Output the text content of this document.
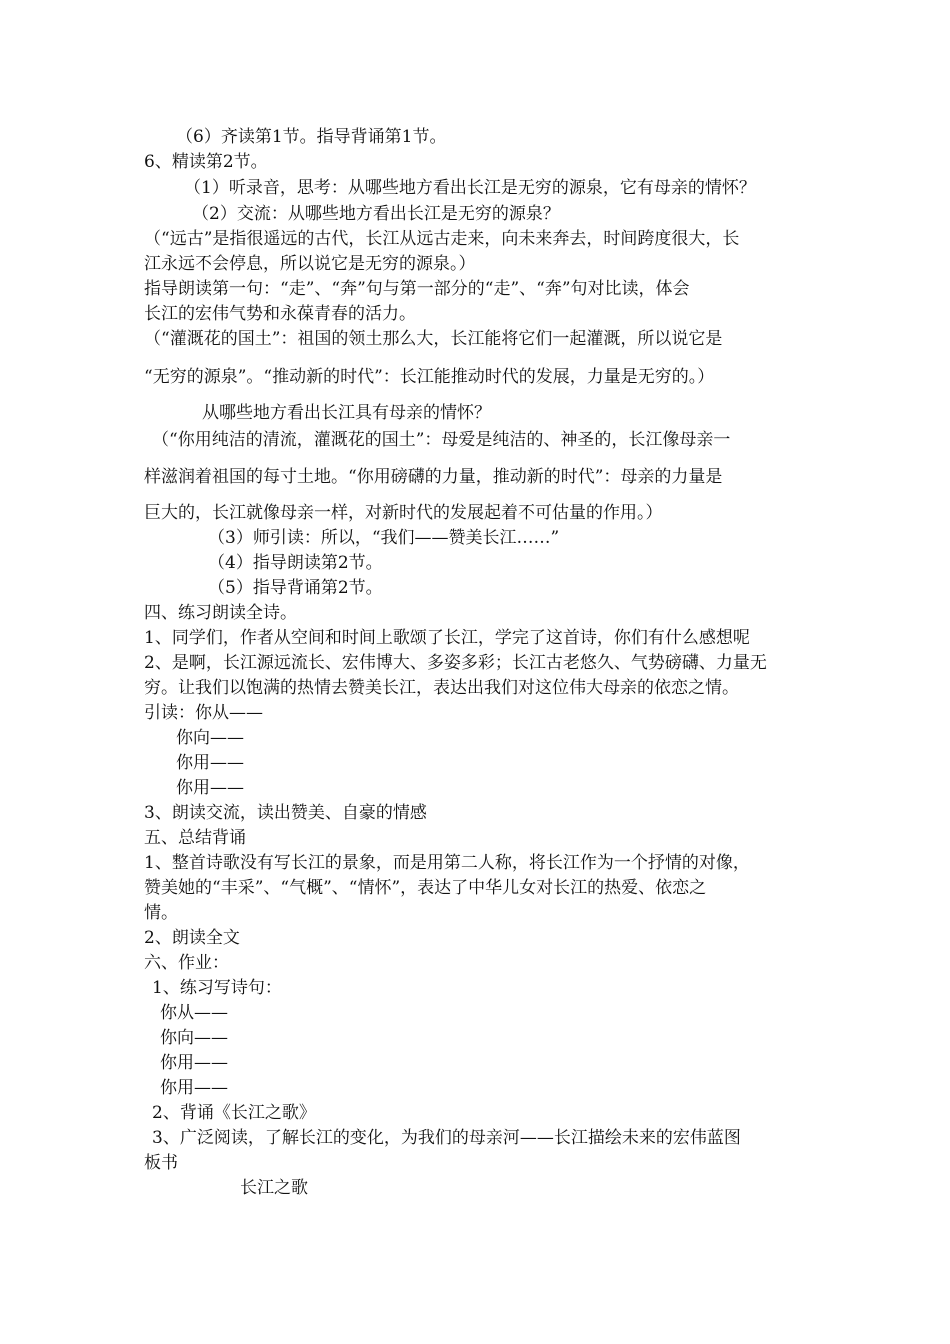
（6）齐读第1节。指导背诵第1节。
6、精读第2节。
（1）听录音，思考：从哪些地方看出长江是无穷的源泉，它有母亲的情怀？
（2）交流：从哪些地方看出长江是无穷的源泉？
（“远古”是指很遥远的古代，长江从远古走来，向未来奔去，时间跨度很大，长
江永远不会停息，所以说它是无穷的源泉。）
指导朗读第一句：“走”、“奔”句与第一部分的“走”、“奔”句对比读，体会
长江的宏伟气势和永葆青春的活力。
（“灌溉花的国土”：祖国的领土那么大，长江能将它们一起灌溉，所以说它是
“无穷的源泉”。“推动新的时代”：长江能推动时代的发展，力量是无穷的。）
从哪些地方看出长江具有母亲的情怀？
（“你用纯洁的清流，灌溉花的国土”：母爱是纯洁的、神圣的，长江像母亲一
样滋润着祖国的每寸土地。“你用磅礴的力量，推动新的时代”：母亲的力量是
巨大的，长江就像母亲一样，对新时代的发展起着不可估量的作用。）
（3）师引读：所以，“我们——赞美长江……”
（4）指导朗读第2节。
（5）指导背诵第2节。
四、练习朗读全诗。
1、同学们，作者从空间和时间上歌颂了长江，学完了这首诗，你们有什么感想呢
2、是啊，长江源远流长、宏伟博大、多姿多彩；长江古老悠久、气势磅礴、力量无
穷。让我们以饱满的热情去赞美长江，表达出我们对这位伟大母亲的依恋之情。
引读：你从——
你向——
你用——
你用——
3、朗读交流，读出赞美、自豪的情感
五、总结背诵
1、整首诗歌没有写长江的景象，而是用第二人称，将长江作为一个抒情的对像，
赞美她的“丰采”、“气概”、“情怀”，表达了中华儿女对长江的热爱、依恋之
情。
2、朗读全文
六、作业：
1、练习写诗句：
你从——
你向——
你用——
你用——
2、背诵《长江之歌》
3、广泛阅读，了解长江的变化，为我们的母亲河——长江描绘未来的宏伟蓝图
板书
长江之歌
